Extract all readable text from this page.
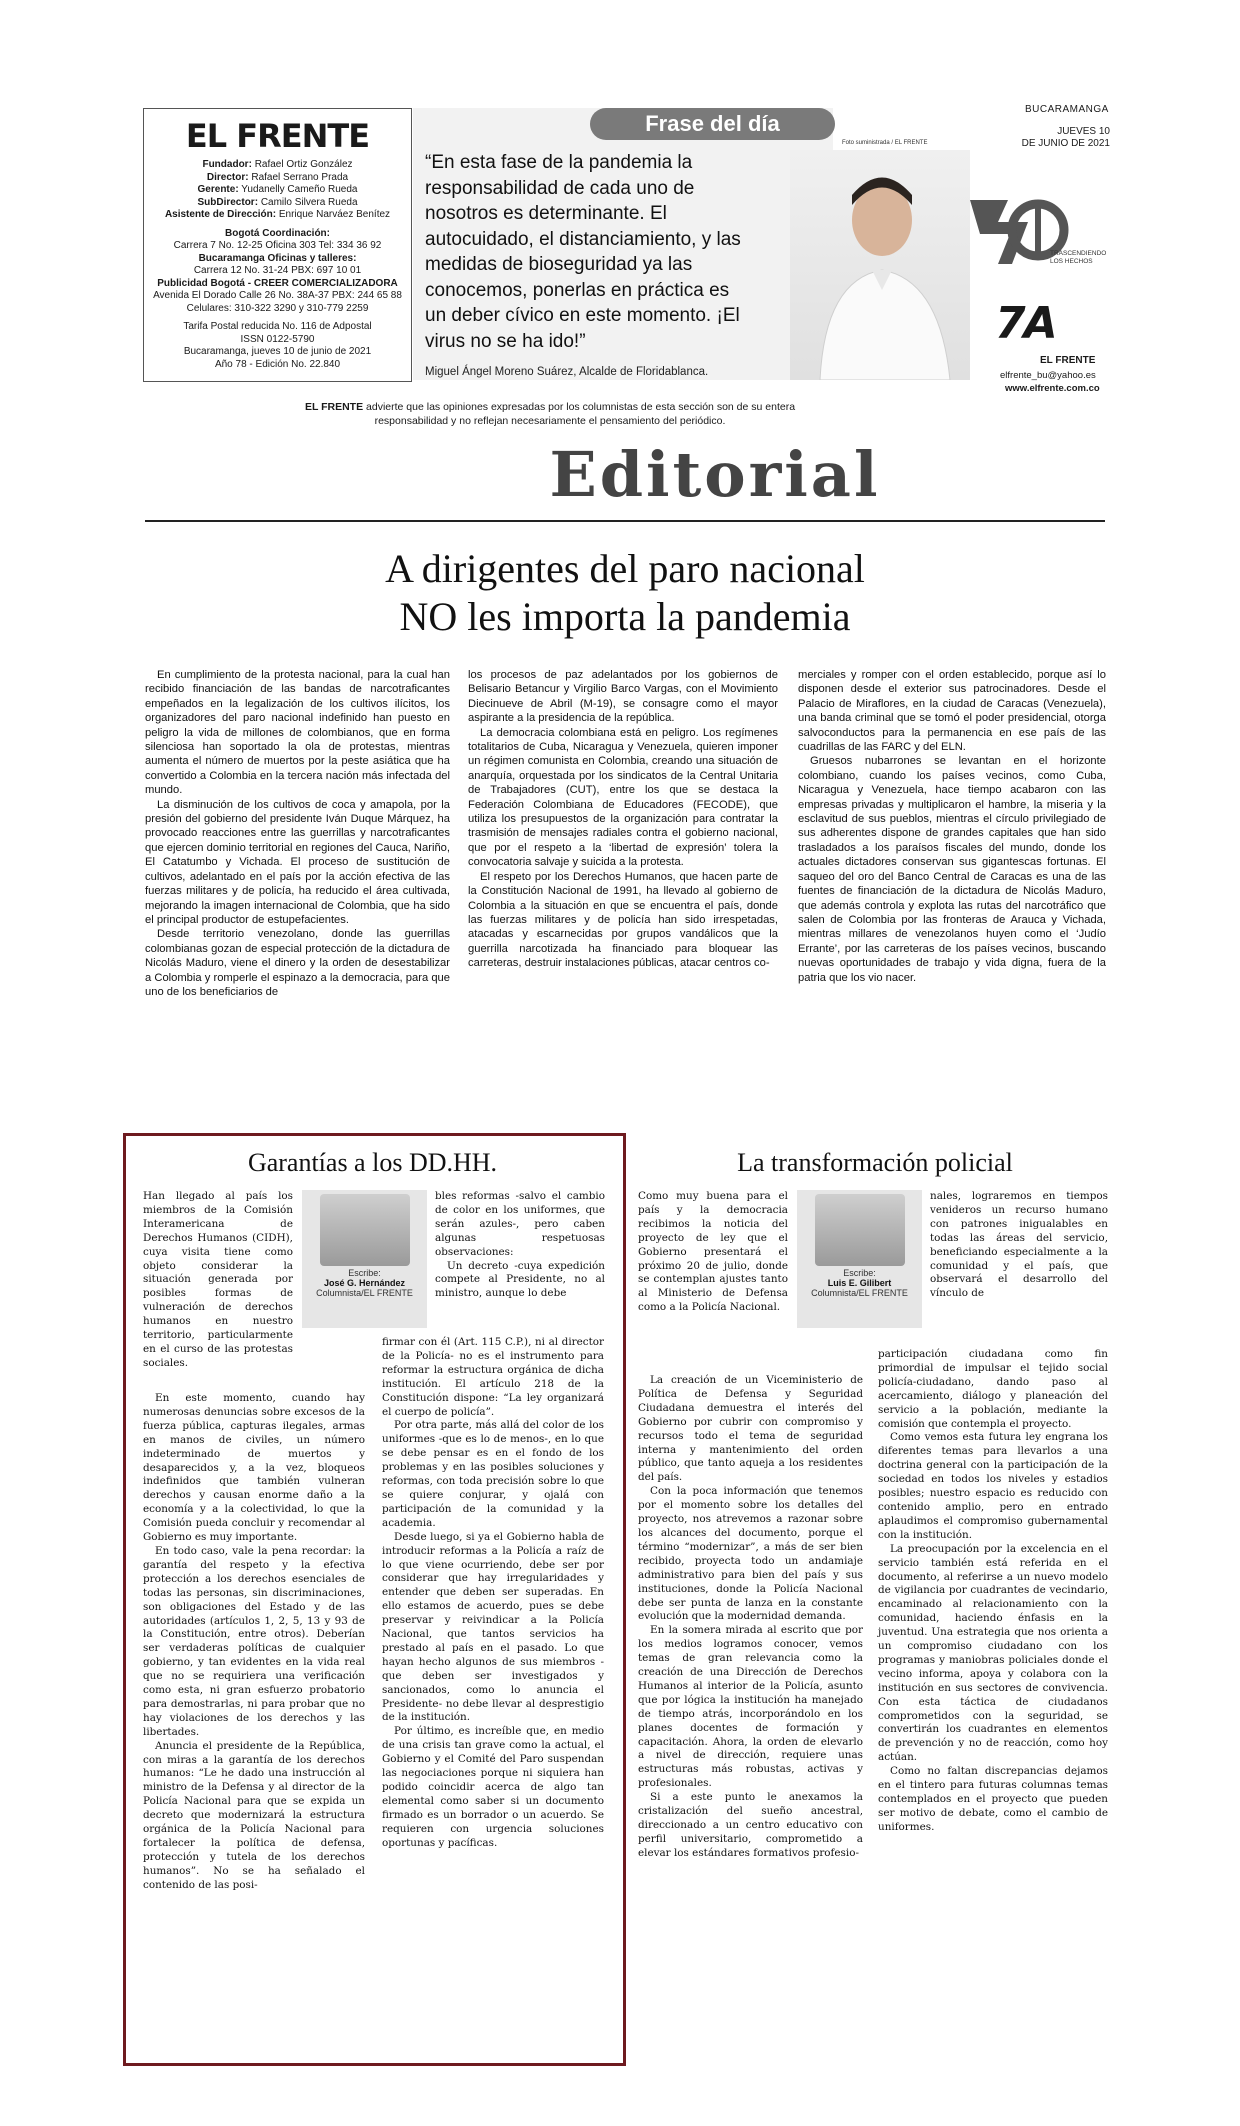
EL FRENTE
Fundador: Rafael Ortiz González
Director: Rafael Serrano Prada
Gerente: Yudanelly Cameño Rueda
SubDirector: Camilo Silvera Rueda
Asistente de Dirección: Enrique Narváez Benítez
Bogotá Coordinación:
Carrera 7 No. 12-25 Oficina 303 Tel: 334 36 92
Bucaramanga Oficinas y talleres:
Carrera 12 No. 31-24 PBX: 697 10 01
Publicidad Bogotá - CREER COMERCIALIZADORA
Avenida El Dorado Calle 26 No. 38A-37 PBX: 244 65 88
Celulares: 310-322 3290 y 310-779 2259
Tarifa Postal reducida No. 116 de Adpostal
ISSN 0122-5790
Bucaramanga, jueves 10 de junio de 2021
Año 78 - Edición No. 22.840
Frase del día
“En esta fase de la pandemia la responsabilidad de cada uno de nosotros es determinante. El autocuidado, el distanciamiento, y las medidas de bioseguridad ya las conocemos, ponerlas en práctica es un deber cívico en este momento. ¡El virus no se ha ido!”
Miguel Ángel Moreno Suárez, Alcalde de Floridablanca.
Foto suministrada / EL FRENTE
BUCARAMANGA
JUEVES 10
DE JUNIO DE 2021
TRASCENDIENDO LOS HECHOS
7A
EL FRENTE
elfrente_bu@yahoo.es
www.elfrente.com.co
EL FRENTE advierte que las opiniones expresadas por los columnistas de esta sección son de su entera responsabilidad y no reflejan necesariamente el pensamiento del periódico.
Editorial
A dirigentes del paro nacional
NO les importa la pandemia

En cumplimiento de la protesta nacional, para la cual han recibido financiación de las bandas de narcotraficantes empeñados en la legalización de los cultivos ilícitos, los organizadores del paro nacional indefinido han puesto en peligro la vida de millones de colombianos, que en forma silenciosa han soportado la ola de protestas, mientras aumenta el número de muertos por la peste asiática que ha convertido a Colombia en la tercera nación más infectada del mundo.

La disminución de los cultivos de coca y amapola, por la presión del gobierno del presidente Iván Duque Márquez, ha provocado reacciones entre las guerrillas y narcotraficantes que ejercen dominio territorial en regiones del Cauca, Nariño, El Catatumbo y Vichada. El proceso de sustitución de cultivos, adelantado en el país por la acción efectiva de las fuerzas militares y de policía, ha reducido el área cultivada, mejorando la imagen internacional de Colombia, que ha sido el principal productor de estupefacientes.

Desde territorio venezolano, donde las guerrillas colombianas gozan de especial protección de la dictadura de Nicolás Maduro, viene el dinero y la orden de desestabilizar a Colombia y romperle el espinazo a la democracia, para que uno de los beneficiarios de

los procesos de paz adelantados por los gobiernos de Belisario Betancur y Virgilio Barco Vargas, con el Movimiento Diecinueve de Abril (M-19), se consagre como el mayor aspirante a la presidencia de la república.

La democracia colombiana está en peligro. Los regímenes totalitarios de Cuba, Nicaragua y Venezuela, quieren imponer un régimen comunista en Colombia, creando una situación de anarquía, orquestada por los sindicatos de la Central Unitaria de Trabajadores (CUT), entre los que se destaca la Federación Colombiana de Educadores (FECODE), que utiliza los presupuestos de la organización para contratar la trasmisión de mensajes radiales contra el gobierno nacional, que por el respeto a la ‘libertad de expresión’ tolera la convocatoria salvaje y suicida a la protesta.

El respeto por los Derechos Humanos, que hacen parte de la Constitución Nacional de 1991, ha llevado al gobierno de Colombia a la situación en que se encuentra el país, donde las fuerzas militares y de policía han sido irrespetadas, atacadas y escarnecidas por grupos vandálicos que la guerrilla narcotizada ha financiado para bloquear las carreteras, destruir instalaciones públicas, atacar centros co-

merciales y romper con el orden establecido, porque así lo disponen desde el exterior sus patrocinadores. Desde el Palacio de Miraflores, en la ciudad de Caracas (Venezuela), una banda criminal que se tomó el poder presidencial, otorga salvoconductos para la permanencia en ese país de las cuadrillas de las FARC y del ELN.

Gruesos nubarrones se levantan en el horizonte colombiano, cuando los países vecinos, como Cuba, Nicaragua y Venezuela, hace tiempo acabaron con las empresas privadas y multiplicaron el hambre, la miseria y la esclavitud de sus pueblos, mientras el círculo privilegiado de sus adherentes dispone de grandes capitales que han sido trasladados a los paraísos fiscales del mundo, donde los actuales dictadores conservan sus gigantescas fortunas. El saqueo del oro del Banco Central de Caracas es una de las fuentes de financiación de la dictadura de Nicolás Maduro, que además controla y explota las rutas del narcotráfico que salen de Colombia por las fronteras de Arauca y Vichada, mientras millares de venezolanos huyen como el ‘Judío Errante’, por las carreteras de los países vecinos, buscando nuevas oportunidades de trabajo y vida digna, fuera de la patria que los vio nacer.

Garantías a los DD.HH.
Han llegado al país los miembros de la Comisión Interamericana de Derechos Humanos (CIDH), cuya visita tiene como objeto considerar la situación generada por posibles formas de vulneración de derechos humanos en nuestro territorio, particularmente en el curso de las protestas sociales.
Escribe:
José G. Hernández
Columnista/EL FRENTE

En este momento, cuando hay numerosas denuncias sobre excesos de la fuerza pública, capturas ilegales, armas en manos de civiles, un número indeterminado de muertos y desaparecidos y, a la vez, bloqueos indefinidos que también vulneran derechos y causan enorme daño a la economía y a la colectividad, lo que la Comisión pueda concluir y recomendar al Gobierno es muy importante.

En todo caso, vale la pena recordar: la garantía del respeto y la efectiva protección a los derechos esenciales de todas las personas, sin discriminaciones, son obligaciones del Estado y de las autoridades (artículos 1, 2, 5, 13 y 93 de la Constitución, entre otros). Deberían ser verdaderas políticas de cualquier gobierno, y tan evidentes en la vida real que no se requiriera una verificación como esta, ni gran esfuerzo probatorio para demostrarlas, ni para probar que no hay violaciones de los derechos y las libertades.

Anuncia el presidente de la República, con miras a la garantía de los derechos humanos: “Le he dado una instrucción al ministro de la Defensa y al director de la Policía Nacional para que se expida un decreto que modernizará la estructura orgánica de la Policía Nacional para fortalecer la política de defensa, protección y tutela de los derechos humanos”. No se ha señalado el contenido de las posi-

bles reformas -salvo el cambio de color en los uniformes, que serán azules-, pero caben algunas respetuosas observaciones:

Un decreto -cuya expedición compete al Presidente, no al ministro, aunque lo debe

firmar con él (Art. 115 C.P.), ni al director de la Policía- no es el instrumento para reformar la estructura orgánica de dicha institución. El artículo 218 de la Constitución dispone: “La ley organizará el cuerpo de policía”.

Por otra parte, más allá del color de los uniformes -que es lo de menos-, en lo que se debe pensar es en el fondo de los problemas y en las posibles soluciones y reformas, con toda precisión sobre lo que se quiere conjurar, y ojalá con participación de la comunidad y la academia.

Desde luego, si ya el Gobierno habla de introducir reformas a la Policía a raíz de lo que viene ocurriendo, debe ser por considerar que hay irregularidades y entender que deben ser superadas. En ello estamos de acuerdo, pues se debe preservar y reivindicar a la Policía Nacional, que tantos servicios ha prestado al país en el pasado. Lo que hayan hecho algunos de sus miembros -que deben ser investigados y sancionados, como lo anuncia el Presidente- no debe llevar al desprestigio de la institución.

Por último, es increíble que, en medio de una crisis tan grave como la actual, el Gobierno y el Comité del Paro suspendan las negociaciones porque ni siquiera han podido coincidir acerca de algo tan elemental como saber si un documento firmado es un borrador o un acuerdo. Se requieren con urgencia soluciones oportunas y pacíficas.

La transformación policial
Como muy buena para el país y la democracia recibimos la noticia del proyecto de ley que el Gobierno presentará el próximo 20 de julio, donde se contemplan ajustes tanto al Ministerio de Defensa como a la Policía Nacional.
Escribe:
Luis E. Gilibert
Columnista/EL FRENTE

La creación de un Viceministerio de Política de Defensa y Seguridad Ciudadana demuestra el interés del Gobierno por cubrir con compromiso y recursos todo el tema de seguridad interna y mantenimiento del orden público, que tanto aqueja a los residentes del país.

Con la poca información que tenemos por el momento sobre los detalles del proyecto, nos atrevemos a razonar sobre los alcances del documento, porque el término “modernizar”, a más de ser bien recibido, proyecta todo un andamiaje administrativo para bien del país y sus instituciones, donde la Policía Nacional debe ser punta de lanza en la constante evolución que la modernidad demanda.

En la somera mirada al escrito que por los medios logramos conocer, vemos temas de gran relevancia como la creación de una Dirección de Derechos Humanos al interior de la Policía, asunto que por lógica la institución ha manejado de tiempo atrás, incorporándolo en los planes docentes de formación y capacitación. Ahora, la orden de elevarlo a nivel de dirección, requiere unas estructuras más robustas, activas y profesionales.

Si a este punto le anexamos la cristalización del sueño ancestral, direccionado a un centro educativo con perfil universitario, comprometido a elevar los estándares formativos profesio-

nales, lograremos en tiempos venideros un recurso humano con patrones inigualables en todas las áreas del servicio, beneficiando especialmente a la comunidad y el país, que observará el desarrollo del vínculo de
participación ciudadana como fin primordial de impulsar el tejido social policía-ciudadano, dando paso al acercamiento, diálogo y planeación del servicio a la población, mediante la comisión que contempla el proyecto.

Como vemos esta futura ley engrana los diferentes temas para llevarlos a una doctrina general con la participación de la sociedad en todos los niveles y estadios posibles; nuestro espacio es reducido con contenido amplio, pero en entrado aplaudimos el compromiso gubernamental con la institución.

La preocupación por la excelencia en el servicio también está referida en el documento, al referirse a un nuevo modelo de vigilancia por cuadrantes de vecindario, encaminado al relacionamiento con la comunidad, haciendo énfasis en la juventud. Una estrategia que nos orienta a un compromiso ciudadano con los programas y maniobras policiales donde el vecino informa, apoya y colabora con la institución en sus sectores de convivencia. Con esta táctica de ciudadanos comprometidos con la seguridad, se convertirán los cuadrantes en elementos de prevención y no de reacción, como hoy actúan.

Como no faltan discrepancias dejamos en el tintero para futuras columnas temas contemplados en el proyecto que pueden ser motivo de debate, como el cambio de uniformes.
